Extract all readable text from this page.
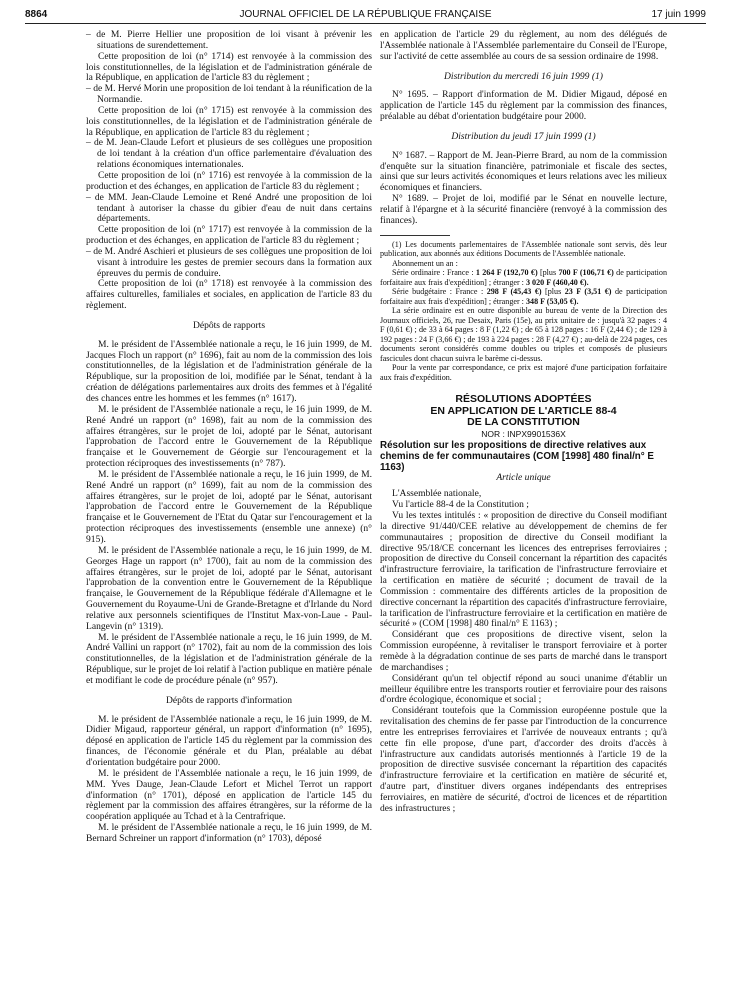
8864	JOURNAL OFFICIEL DE LA RÉPUBLIQUE FRANÇAISE	17 juin 1999

– de M. Pierre Hellier une proposition de loi visant à prévenir les situations de surendettement.

Cette proposition de loi (n° 1714) est renvoyée à la commission des lois constitutionnelles, de la législation et de l'administration générale de la République, en application de l'article 83 du règlement ;

– de M. Hervé Morin une proposition de loi tendant à la réunification de la Normandie.

Cette proposition de loi (n° 1715) est renvoyée à la commission des lois constitutionnelles, de la législation et de l'administration générale de la République, en application de l'article 83 du règlement ;

– de M. Jean-Claude Lefort et plusieurs de ses collègues une proposition de loi tendant à la création d'un office parlementaire d'évaluation des relations économiques internationales.

Cette proposition de loi (n° 1716) est renvoyée à la commission de la production et des échanges, en application de l'article 83 du règlement ;

– de MM. Jean-Claude Lemoine et René André une proposition de loi tendant à autoriser la chasse du gibier d'eau de nuit dans certains départements.

Cette proposition de loi (n° 1717) est renvoyée à la commission de la production et des échanges, en application de l'article 83 du règlement ;

– de M. André Aschieri et plusieurs de ses collègues une proposition de loi visant à introduire les gestes de premier secours dans la formation aux épreuves du permis de conduire.

Cette proposition de loi (n° 1718) est renvoyée à la commission des affaires culturelles, familiales et sociales, en application de l'article 83 du règlement.

Dépôts de rapports

M. le président de l'Assemblée nationale a reçu, le 16 juin 1999, de M. Jacques Floch un rapport (n° 1696), fait au nom de la commission des lois constitutionnelles, de la législation et de l'administration générale de la République, sur la proposition de loi, modifiée par le Sénat, tendant à la création de délégations parlementaires aux droits des femmes et à l'égalité des chances entre les hommes et les femmes (n° 1617).

M. le président de l'Assemblée nationale a reçu, le 16 juin 1999, de M. René André un rapport (n° 1698), fait au nom de la commission des affaires étrangères, sur le projet de loi, adopté par le Sénat, autorisant l'approbation de l'accord entre le Gouvernement de la République française et le Gouvernement de Géorgie sur l'encouragement et la protection réciproques des investissements (n° 787).

M. le président de l'Assemblée nationale a reçu, le 16 juin 1999, de M. René André un rapport (n° 1699), fait au nom de la commission des affaires étrangères, sur le projet de loi, adopté par le Sénat, autorisant l'approbation de l'accord entre le Gouvernement de la République française et le Gouvernement de l'Etat du Qatar sur l'encouragement et la protection réciproques des investissements (ensemble une annexe) (n° 915).

M. le président de l'Assemblée nationale a reçu, le 16 juin 1999, de M. Georges Hage un rapport (n° 1700), fait au nom de la commission des affaires étrangères, sur le projet de loi, adopté par le Sénat, autorisant l'approbation de la convention entre le Gouvernement de la République française, le Gouvernement de la République fédérale d'Allemagne et le Gouvernement du Royaume-Uni de Grande-Bretagne et d'Irlande du Nord relative aux personnels scientifiques de l'Institut Max-von-Laue - Paul-Langevin (n° 1319).

M. le président de l'Assemblée nationale a reçu, le 16 juin 1999, de M. André Vallini un rapport (n° 1702), fait au nom de la commission des lois constitutionnelles, de la législation et de l'administration générale de la République, sur le projet de loi relatif à l'action publique en matière pénale et modifiant le code de procédure pénale (n° 957).

Dépôts de rapports d'information

M. le président de l'Assemblée nationale a reçu, le 16 juin 1999, de M. Didier Migaud, rapporteur général, un rapport d'information (n° 1695), déposé en application de l'article 145 du règlement par la commission des finances, de l'économie générale et du Plan, préalable au débat d'orientation budgétaire pour 2000.

M. le président de l'Assemblée nationale a reçu, le 16 juin 1999, de MM. Yves Dauge, Jean-Claude Lefort et Michel Terrot un rapport d'information (n° 1701), déposé en application de l'article 145 du règlement par la commission des affaires étrangères, sur la réforme de la coopération appliquée au Tchad et à la Centrafrique.

M. le président de l'Assemblée nationale a reçu, le 16 juin 1999, de M. Bernard Schreiner un rapport d'information (n° 1703), déposé

en application de l'article 29 du règlement, au nom des délégués de l'Assemblée nationale à l'Assemblée parlementaire du Conseil de l'Europe, sur l'activité de cette assemblée au cours de sa session ordinaire de 1998.

Distribution du mercredi 16 juin 1999 (1)

N° 1695. – Rapport d'information de M. Didier Migaud, déposé en application de l'article 145 du règlement par la commission des finances, préalable au débat d'orientation budgétaire pour 2000.

Distribution du jeudi 17 juin 1999 (1)

N° 1687. – Rapport de M. Jean-Pierre Brard, au nom de la commission d'enquête sur la situation financière, patrimoniale et fiscale des sectes, ainsi que sur leurs activités économiques et leurs relations avec les milieux économiques et financiers.

N° 1689. – Projet de loi, modifié par le Sénat en nouvelle lecture, relatif à l'épargne et à la sécurité financière (renvoyé à la commission des finances).

(1) Les documents parlementaires de l'Assemblée nationale sont servis, dès leur publication, aux abonnés aux éditions Documents de l'Assemblée nationale.

Abonnement un an :

Série ordinaire : France : 1 264 F (192,70 €) [plus 700 F (106,71 €) de participation forfaitaire aux frais d'expédition] ; étranger : 3 020 F (460,40 €).

Série budgétaire : France : 298 F (45,43 €) [plus 23 F (3,51 €) de participation forfaitaire aux frais d'expédition] ; étranger : 348 F (53,05 €).

La série ordinaire est en outre disponible au bureau de vente de la Direction des Journaux officiels, 26, rue Desaix, Paris (15e), au prix unitaire de : jusqu'à 32 pages : 4 F (0,61 €) ; de 33 à 64 pages : 8 F (1,22 €) ; de 65 à 128 pages : 16 F (2,44 €) ; de 129 à 192 pages : 24 F (3,66 €) ; de 193 à 224 pages : 28 F (4,27 €) ; au-delà de 224 pages, ces documents seront considérés comme doubles ou triples et composés de plusieurs fascicules dont chacun suivra le barème ci-dessus.

Pour la vente par correspondance, ce prix est majoré d'une participation forfaitaire aux frais d'expédition.

RÉSOLUTIONS ADOPTÉES
EN APPLICATION DE L'ARTICLE 88-4
DE LA CONSTITUTION

NOR : INPX9901536X

Résolution sur les propositions de directive relatives aux chemins de fer communautaires (COM [1998] 480 final/n° E 1163)

Article unique

L'Assemblée nationale,

Vu l'article 88-4 de la Constitution ;

Vu les textes intitulés : « proposition de directive du Conseil modifiant la directive 91/440/CEE relative au développement de chemins de fer communautaires ; proposition de directive du Conseil modifiant la directive 95/18/CE concernant les licences des entreprises ferroviaires ; proposition de directive du Conseil concernant la répartition des capacités d'infrastructure ferroviaire, la tarification de l'infrastructure ferroviaire et la certification en matière de sécurité ; document de travail de la Commission : commentaire des différents articles de la proposition de directive concernant la répartition des capacités d'infrastructure ferroviaire, la tarification de l'infrastructure ferroviaire et la certification en matière de sécurité » (COM [1998] 480 final/n° E 1163) ;

Considérant que ces propositions de directive visent, selon la Commission européenne, à revitaliser le transport ferroviaire et à porter remède à la dégradation continue de ses parts de marché dans le transport de marchandises ;

Considérant qu'un tel objectif répond au souci unanime d'établir un meilleur équilibre entre les transports routier et ferroviaire pour des raisons d'ordre écologique, économique et social ;

Considérant toutefois que la Commission européenne postule que la revitalisation des chemins de fer passe par l'introduction de la concurrence entre les entreprises ferroviaires et l'arrivée de nouveaux entrants ; qu'à cette fin elle propose, d'une part, d'accorder des droits d'accès à l'infrastructure aux candidats autorisés mentionnés à l'article 19 de la proposition de directive susvisée concernant la répartition des capacités d'infrastructure ferroviaire et la certification en matière de sécurité et, d'autre part, d'instituer divers organes indépendants des entreprises ferroviaires, en matière de sécurité, d'octroi de licences et de répartition des infrastructures ;
